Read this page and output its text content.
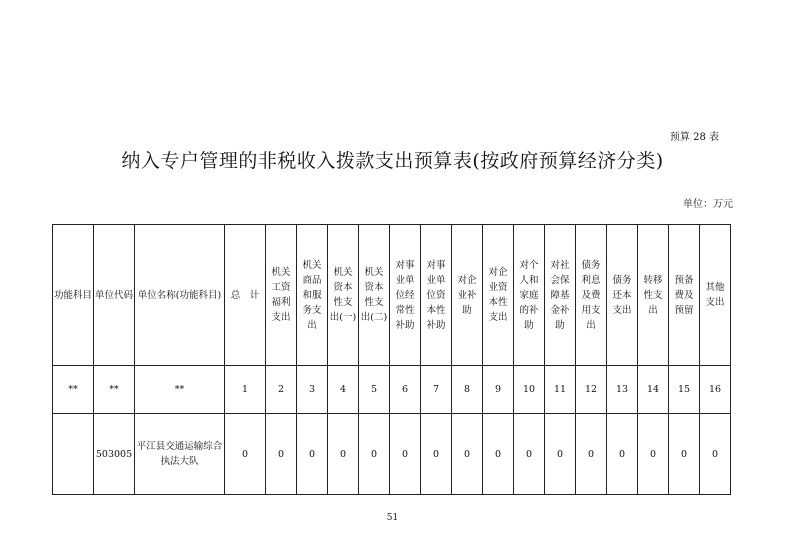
预算 28 表
纳入专户管理的非税收入拨款支出预算表(按政府预算经济分类)
单位：万元
功能科目	单位代码	单位名称(功能科目)	总　计	机关工资福利支出	机关商品和服务支出	机关资本性支出(一)	机关资本性支出(二)	对事业单位经常性补助	对事业单位资本性补助	对企业补助	对企业资本性支出	对个人和家庭的补助	对社会保障基金补助	债务利息及费用支出	债务还本支出	转移性支出	预备费及预留	其他支出
**	**	**	1	2	3	4	5	6	7	8	9	10	11	12	13	14	15	16
	503005	平江县交通运输综合执法大队	0	0	0	0	0	0	0	0	0	0	0	0	0	0	0	0
51
